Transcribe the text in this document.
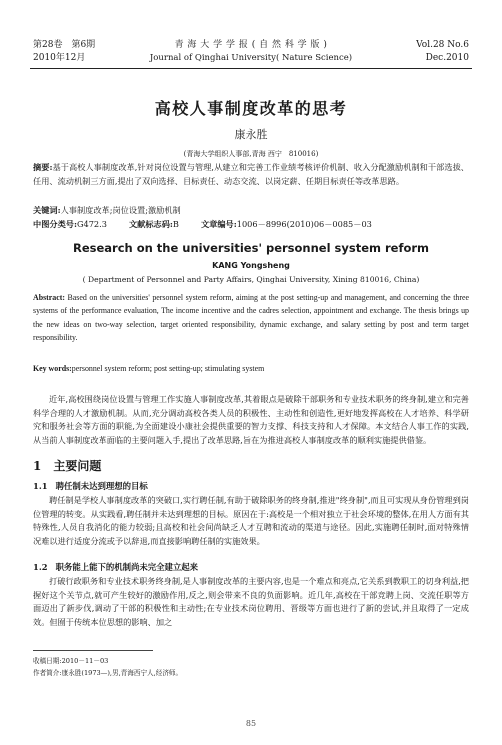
第28卷　第6期
2010年12月
青 海 大 学 学 报 ( 自 然 科 学 版 )
Journal of Qinghai University( Nature Science)
Vol.28 No.6
Dec.2010
高校人事制度改革的思考
康永胜
(青海大学组织人事部,青海 西宁　810016)

摘要:基于高校人事制度改革,针对岗位设置与管理,从建立和完善工作业绩考核评价机制、收入分配激励机制和干部选拔、任用、流动机制三方面,提出了双向选择、目标责任、动态交流、以岗定薪、任期目标责任等改革思路。

关键词:人事制度改革;岗位设置;激励机制

中图分类号:G472.3	文献标志码:B	文章编号:1006－8996(2010)06－0085－03

Research on the universities' personnel system reform
KANG Yongsheng
( Department of Personnel and Party Affairs, Qinghai University, Xining 810016, China)

Abstract: Based on the universities' personnel system reform, aiming at the post setting-up and management, and concerning the three systems of the performance evaluation, The income incentive and the cadres selection, appointment and exchange. The thesis brings up the new ideas on two-way selection, target oriented responsibility, dynamic exchange, and salary setting by post and term target responsibility.

Key words:personnel system reform; post setting-up; stimulating system

近年,高校围绕岗位设置与管理工作实施人事制度改革,其着眼点是破除干部职务和专业技术职务的终身制,建立和完善科学合理的人才激励机制。从而,充分调动高校各类人员的积极性、主动性和创造性,更好地发挥高校在人才培养、科学研究和服务社会等方面的职能,为全面建设小康社会提供重要的智力支撑、科技支持和人才保障。本文结合人事工作的实践,从当前人事制度改革面临的主要问题入手,提出了改革思路,旨在为推进高校人事制度改革的顺利实施提供借鉴。

1 主要问题
1.1 聘任制未达到理想的目标

聘任制是学校人事制度改革的突破口,实行聘任制,有助于破除职务的终身制,推进"终身制",而且可实现从身份管理到岗位管理的转变。从实践看,聘任制并未达到理想的目标。原因在于:高校是一个相对独立于社会环境的整体,在用人方面有其特殊性,人员自我消化的能力较弱;且高校和社会间尚缺乏人才互聘和流动的渠道与途径。因此,实施聘任制时,面对特殊情况难以进行适度分流或予以辞退,而直接影响聘任制的实施效果。

1.2 职务能上能下的机制尚未完全建立起来

打破行政职务和专业技术职务终身制,是人事制度改革的主要内容,也是一个难点和亮点,它关系到教职工的切身利益,把握好这个关节点,就可产生较好的激励作用,反之,则会带来不良的负面影响。近几年,高校在干部竞聘上岗、交流任职等方面迈出了新步伐,调动了干部的积极性和主动性;在专业技术岗位聘用、晋级等方面也进行了新的尝试,并且取得了一定成效。但囿于传统本位思想的影响、加之

收稿日期:2010－11－03
作者简介:康永胜(1973—),男,青海西宁人,经济师。
85
